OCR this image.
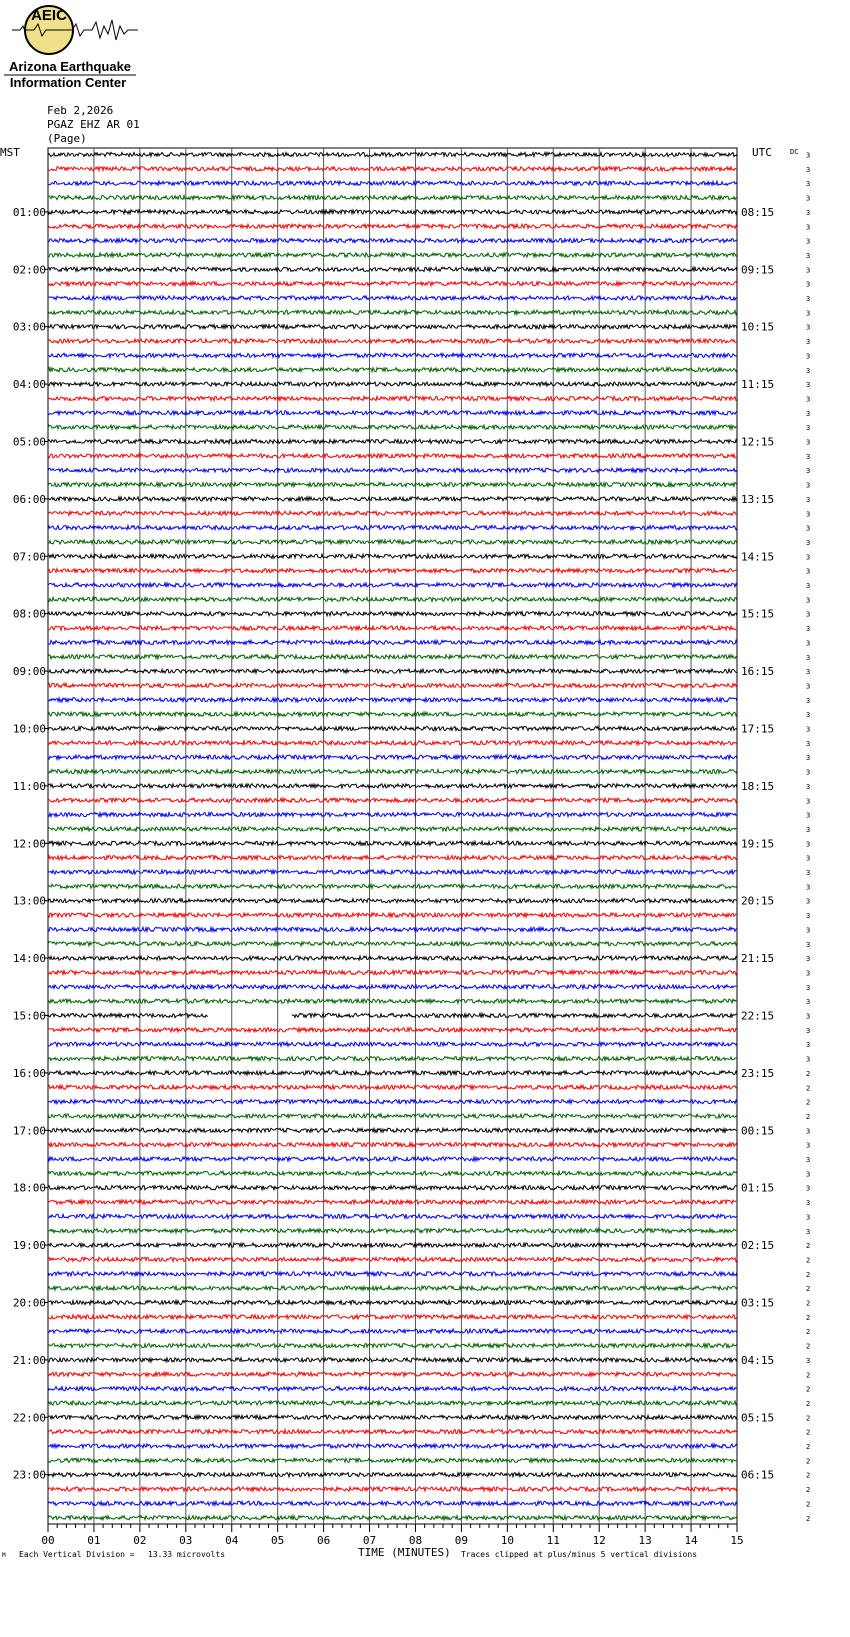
AEIC
Arizona Earthquake
Information Center
Feb 2,2026
PGAZ EHZ AR 01
(Page)
MST	UTC	DC
01:00
02:00
03:00
04:00
05:00
06:00
07:00
08:00
09:00
10:00
11:00
12:00
13:00
14:00
15:00
16:00
17:00
18:00
19:00
20:00
21:00
22:00
23:00
08:15
09:15
10:15
11:15
12:15
13:15
14:15
15:15
16:15
17:15
18:15
19:15
20:15
21:15
22:15
23:15
00:15
01:15
02:15
03:15
04:15
05:15
06:15
3
3
3
3
3
3
3
3
3
3
3
3
3
3
3
3
3
3
3
3
3
3
3
3
3
3
3
3
3
3
3
3
3
3
3
3
3
3
3
3
3
3
3
3
3
3
3
3
3
3
3
3
3
3
3
3
3
3
3
3
3
3
3
3
2
2
2
2
3
3
3
3
3
3
3
3
2
2
2
2
2
2
2
2
3
2
2
2
2
2
2
2
2
2
2
2
00	01	02	03	04	05	06	07	08	09	10	11	12	13	14	15
M Each Vertical Division = 13.33 microvolts	TIME (MINUTES) Traces clipped at plus/minus 5 vertical divisions
